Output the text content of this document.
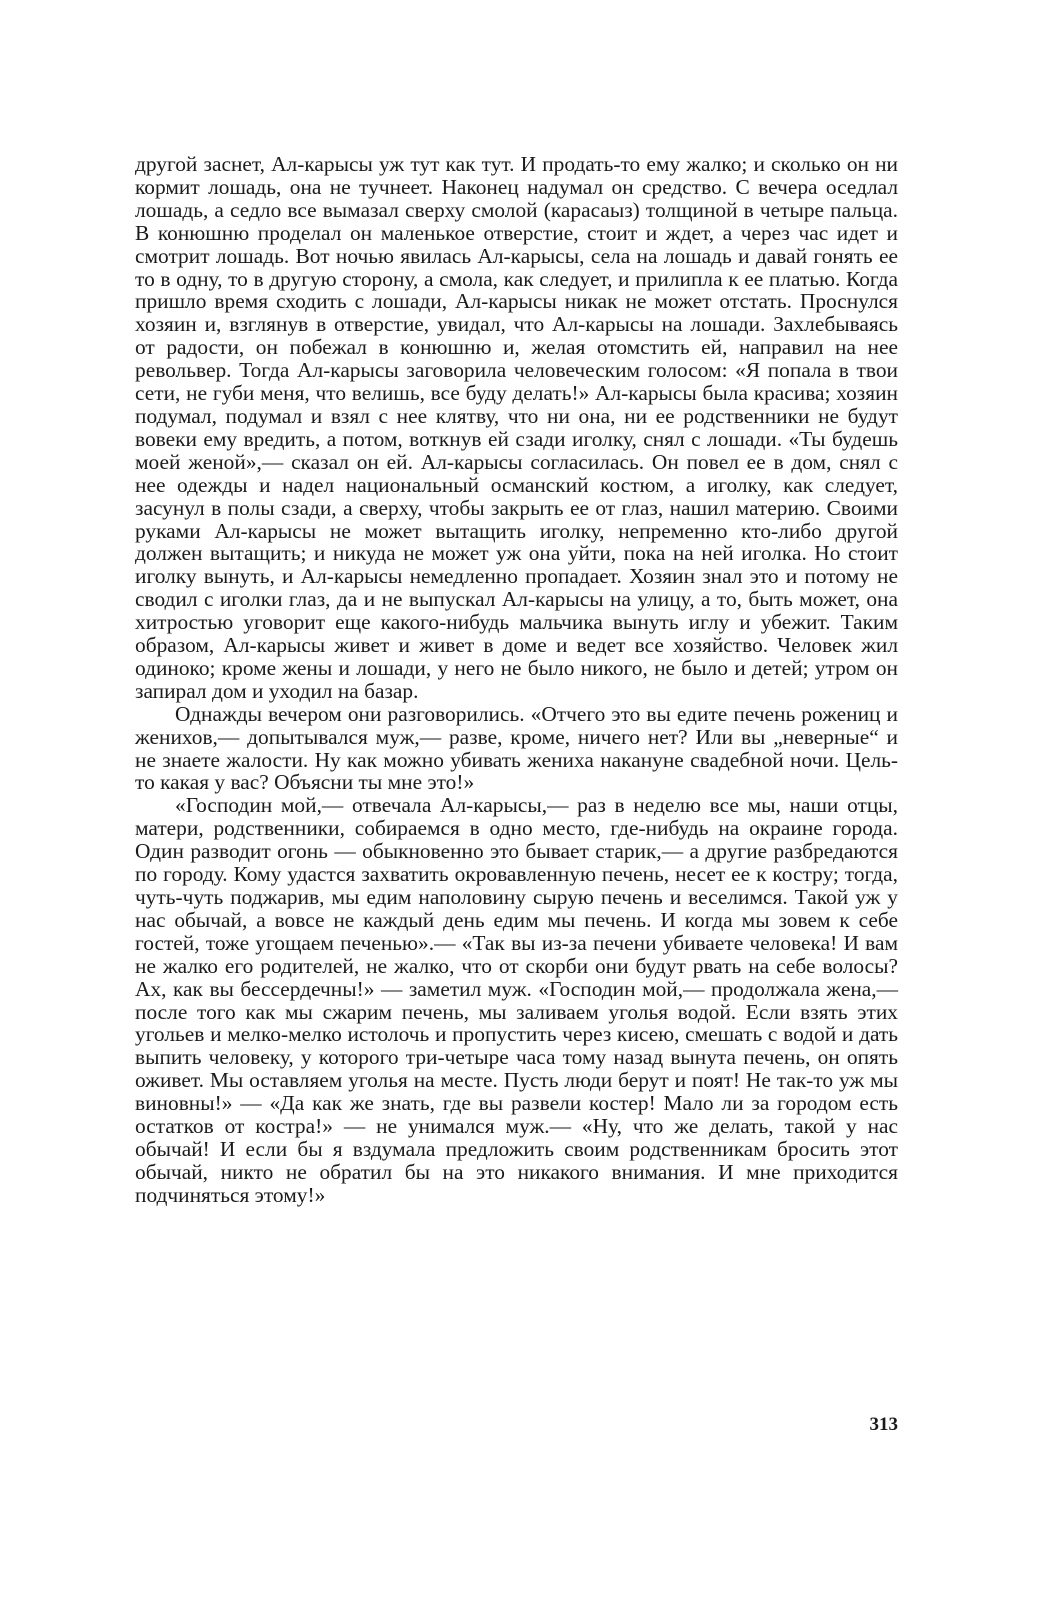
другой заснет, Ал-карысы уж тут как тут. И продать-то ему жалко; и сколько он ни кормит лошадь, она не тучнеет. Наконец надумал он средство. С вечера оседлал лошадь, а седло все вымазал сверху смолой (карасаыз) толщиной в четыре пальца. В конюшню проделал он маленькое отверстие, стоит и ждет, а через час идет и смотрит лошадь. Вот ночью явилась Ал-карысы, села на лошадь и давай гонять ее то в одну, то в другую сторону, а смола, как следует, и прилипла к ее платью. Когда пришло время сходить с лошади, Ал-карысы никак не может отстать. Проснулся хозяин и, взглянув в отверстие, увидал, что Ал-карысы на лошади. Захлебываясь от радости, он побежал в конюшню и, желая отомстить ей, направил на нее револьвер. Тогда Ал-карысы заговорила человеческим голосом: «Я попала в твои сети, не губи меня, что велишь, все буду делать!» Ал-карысы была красива; хозяин подумал, подумал и взял с нее клятву, что ни она, ни ее родственники не будут вовеки ему вредить, а потом, воткнув ей сзади иголку, снял с лошади. «Ты будешь моей женой»,— сказал он ей. Ал-карысы согласилась. Он повел ее в дом, снял с нее одежды и надел национальный османский костюм, а иголку, как следует, засунул в полы сзади, а сверху, чтобы закрыть ее от глаз, нашил материю. Своими руками Ал-карысы не может вытащить иголку, непременно кто-либо другой должен вытащить; и никуда не может уж она уйти, пока на ней иголка. Но стоит иголку вынуть, и Ал-карысы немедленно пропадает. Хозяин знал это и потому не сводил с иголки глаз, да и не выпускал Ал-карысы на улицу, а то, быть может, она хитростью уговорит еще какого-нибудь мальчика вынуть иглу и убежит. Таким образом, Ал-карысы живет и живет в доме и ведет все хозяйство. Человек жил одиноко; кроме жены и лошади, у него не было никого, не было и детей; утром он запирал дом и уходил на базар.

Однажды вечером они разговорились. «Отчего это вы едите печень рожениц и женихов,— допытывался муж,— разве, кроме, ничего нет? Или вы „неверные“ и не знаете жалости. Ну как можно убивать жениха накануне свадебной ночи. Цель-то какая у вас? Объясни ты мне это!»

«Господин мой,— отвечала Ал-карысы,— раз в неделю все мы, наши отцы, матери, родственники, собираемся в одно место, где-нибудь на окраине города. Один разводит огонь — обыкновенно это бывает старик,— а другие разбредаются по городу. Кому удастся захватить окровавленную печень, несет ее к костру; тогда, чуть-чуть поджарив, мы едим наполовину сырую печень и веселимся. Такой уж у нас обычай, а вовсе не каждый день едим мы печень. И когда мы зовем к себе гостей, тоже угощаем печенью».— «Так вы из-за печени убиваете человека! И вам не жалко его родителей, не жалко, что от скорби они будут рвать на себе волосы? Ах, как вы бессердечны!» — заметил муж. «Господин мой,— продолжала жена,— после того как мы сжарим печень, мы заливаем уголья водой. Если взять этих угольев и мелко-мелко истолочь и пропустить через кисею, смешать с водой и дать выпить человеку, у которого три-четыре часа тому назад вынута печень, он опять оживет. Мы оставляем уголья на месте. Пусть люди берут и поят! Не так-то уж мы виновны!» — «Да как же знать, где вы развели костер! Мало ли за городом есть остатков от костра!» — не унимался муж.— «Ну, что же делать, такой у нас обычай! И если бы я вздумала предложить своим родственникам бросить этот обычай, никто не обратил бы на это никакого внимания. И мне приходится подчиняться этому!»

313
